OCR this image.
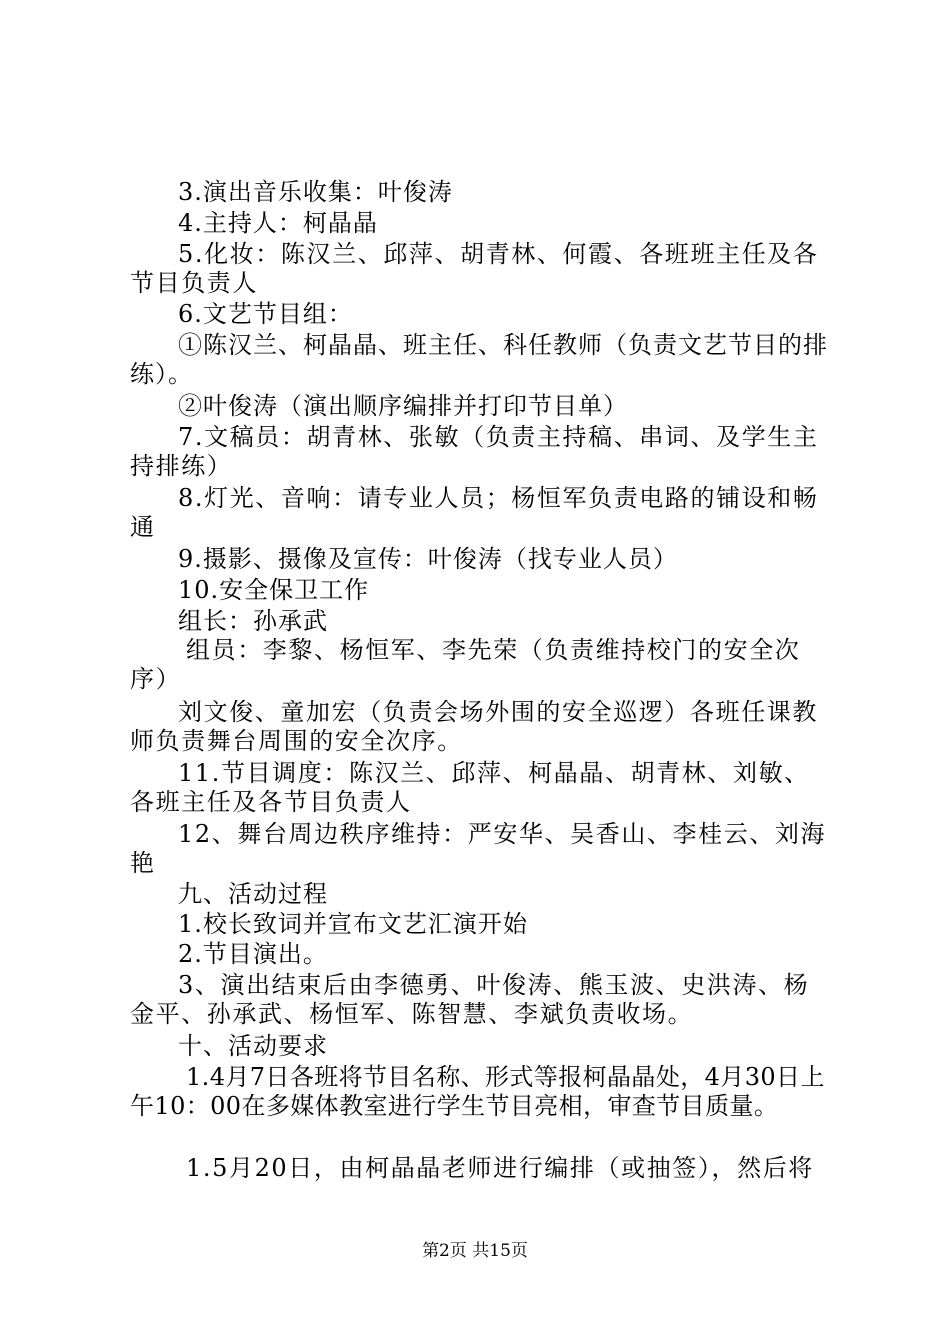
3.演出音乐收集：叶俊涛

4.主持人：柯晶晶

5.化妆：陈汉兰、邱萍、胡青林、何霞、各班班主任及各节目负责人

6.文艺节目组：

①陈汉兰、柯晶晶、班主任、科任教师（负责文艺节目的排练）。

②叶俊涛（演出顺序编排并打印节目单）

7.文稿员：胡青林、张敏（负责主持稿、串词、及学生主持排练）

8.灯光、音响：请专业人员；杨恒军负责电路的铺设和畅通

9.摄影、摄像及宣传：叶俊涛（找专业人员）

10.安全保卫工作

组长：孙承武

组员：李黎、杨恒军、李先荣（负责维持校门的安全次序）

刘文俊、童加宏（负责会场外围的安全巡逻）各班任课教师负责舞台周围的安全次序。

11.节目调度：陈汉兰、邱萍、柯晶晶、胡青林、刘敏、各班主任及各节目负责人

12、舞台周边秩序维持：严安华、吴香山、李桂云、刘海艳

九、活动过程

1.校长致词并宣布文艺汇演开始

2.节目演出。

3、演出结束后由李德勇、叶俊涛、熊玉波、史洪涛、杨金平、孙承武、杨恒军、陈智慧、李斌负责收场。

十、活动要求

1.4月7日各班将节目名称、形式等报柯晶晶处，4月30日上午10：00在多媒体教室进行学生节目亮相，审查节目质量。

1.5月20日，由柯晶晶老师进行编排（或抽签），然后将

第2页 共15页
